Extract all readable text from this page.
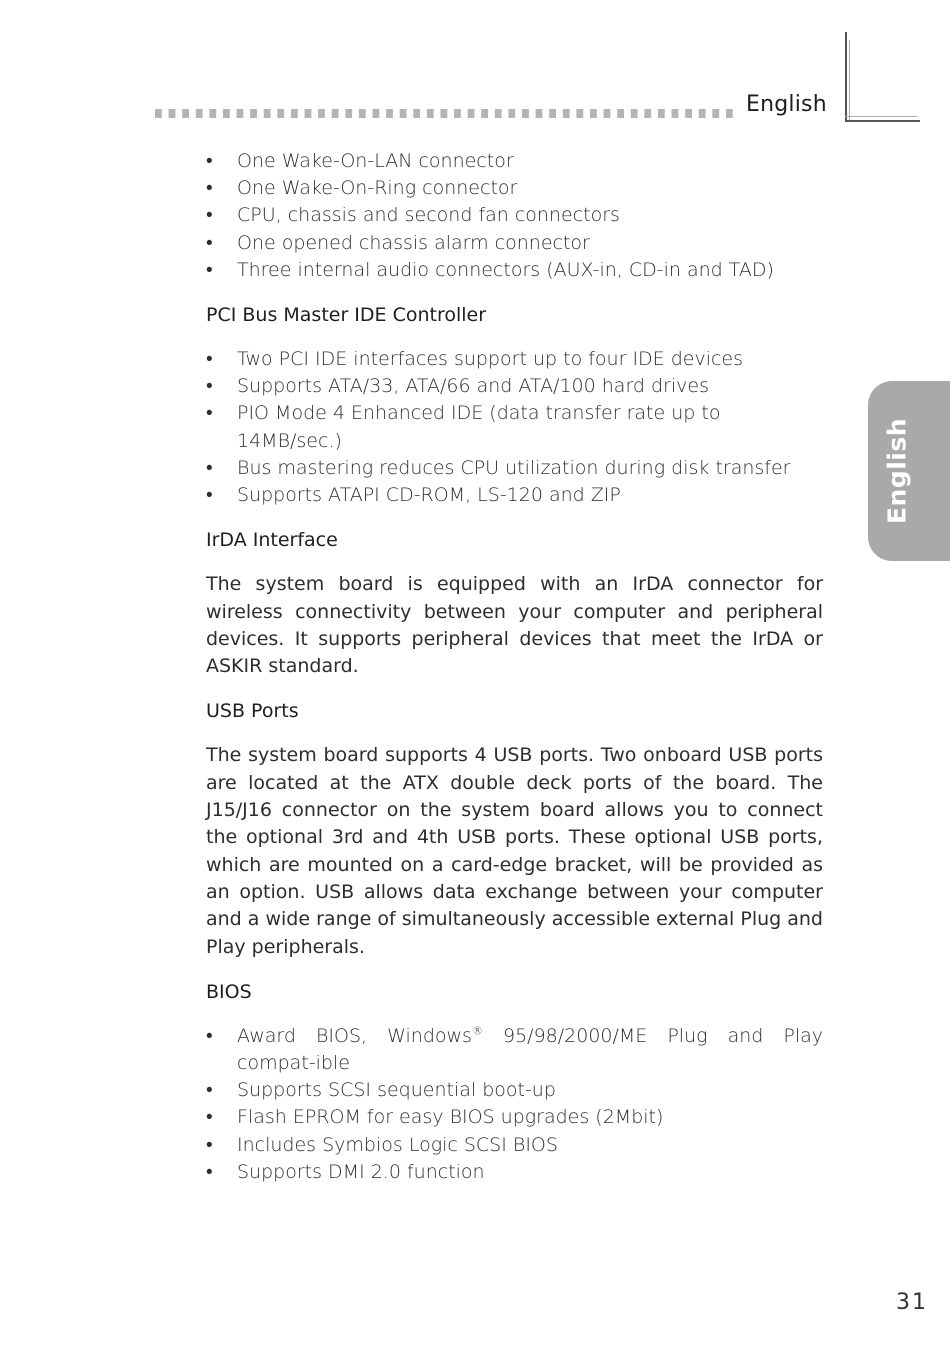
English
English
• One Wake-On-LAN connector
• One Wake-On-Ring connector
• CPU, chassis and second fan connectors
• One opened chassis alarm connector
• Three internal audio connectors (AUX-in, CD-in and TAD)
PCI Bus Master IDE Controller
• Two PCI IDE interfaces support up to four IDE devices
• Supports ATA/33, ATA/66 and ATA/100 hard drives
• PIO Mode 4 Enhanced IDE (data transfer rate up to 14MB/sec.)
• Bus mastering reduces CPU utilization during disk transfer
• Supports ATAPI CD-ROM, LS-120 and ZIP
IrDA Interface

The system board is equipped with an IrDA connector for wireless connectivity between your computer and peripheral devices. It supports peripheral devices that meet the IrDA or ASKIR standard.

USB Ports

The system board supports 4 USB ports. Two onboard USB ports are located at the ATX double deck ports of the board. The J15/J16 connector on the system board allows you to connect the optional 3rd and 4th USB ports. These optional USB ports, which are mounted on a card-edge bracket, will be provided as an option. USB allows data exchange between your computer and a wide range of simultaneously accessible external Plug and Play peripherals.

BIOS
• Award BIOS, Windows® 95/98/2000/ME Plug and Play compat-ible
• Supports SCSI sequential boot-up
• Flash EPROM for easy BIOS upgrades (2Mbit)
• Includes Symbios Logic SCSI BIOS
• Supports DMI 2.0 function
31
